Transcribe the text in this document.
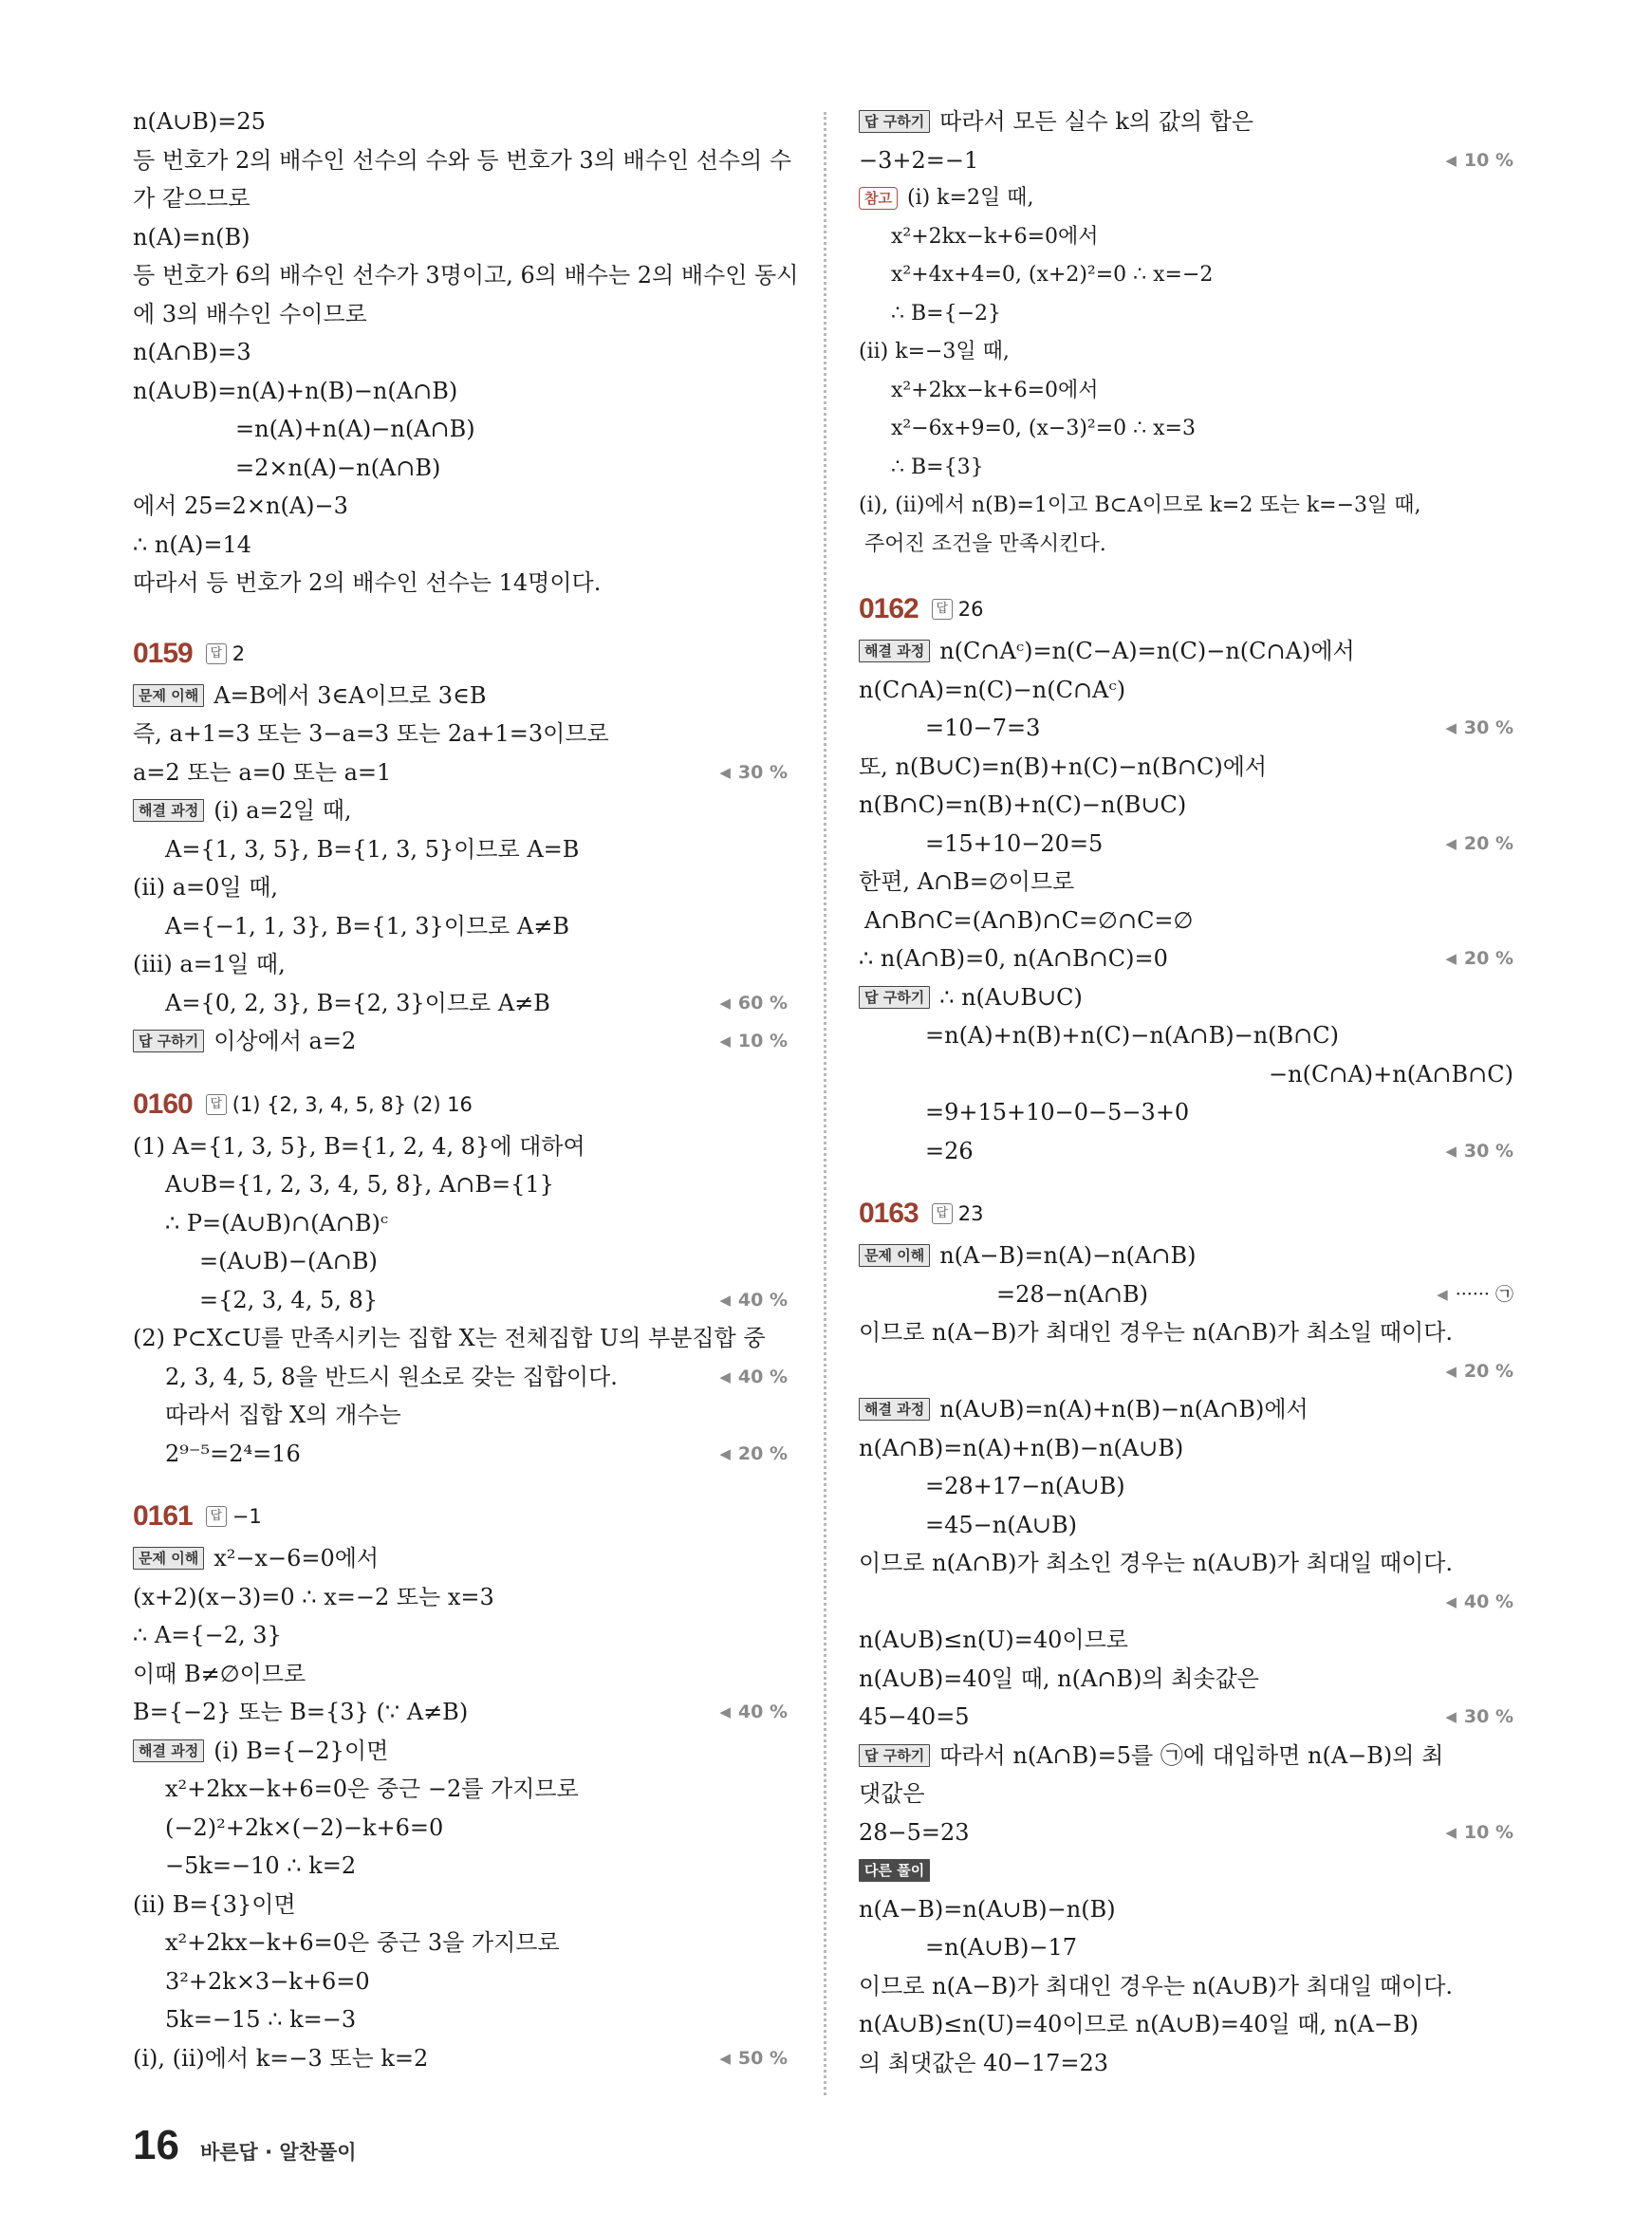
n(A∪B)=25
등 번호가 2의 배수인 선수의 수와 등 번호가 3의 배수인 선수의 수
가 같으므로
n(A)=n(B)
등 번호가 6의 배수인 선수가 3명이고, 6의 배수는 2의 배수인 동시
에 3의 배수인 수이므로
n(A∩B)=3
n(A∪B)=n(A)+n(B)−n(A∩B)
=n(A)+n(A)−n(A∩B)
=2×n(A)−n(A∩B)
에서 25=2×n(A)−3
∴ n(A)=14
따라서 등 번호가 2의 배수인 선수는 14명이다.
0159	답 2
문제 이해 A=B에서 3∈A이므로 3∈B
즉, a+1=3 또는 3−a=3 또는 2a+1=3이므로
a=2 또는 a=0 또는 a=1	◀ 30 %
해결 과정 (i) a=2일 때,
A={1, 3, 5}, B={1, 3, 5}이므로 A=B
(ii) a=0일 때,
A={−1, 1, 3}, B={1, 3}이므로 A≠B
(iii) a=1일 때,
A={0, 2, 3}, B={2, 3}이므로 A≠B	◀ 60 %
답 구하기 이상에서 a=2	◀ 10 %
0160	답 (1) {2, 3, 4, 5, 8} (2) 16
(1) A={1, 3, 5}, B={1, 2, 4, 8}에 대하여
A∪B={1, 2, 3, 4, 5, 8}, A∩B={1}
∴ P=(A∪B)∩(A∩B)ᶜ
=(A∪B)−(A∩B)
={2, 3, 4, 5, 8}	◀ 40 %
(2) P⊂X⊂U를 만족시키는 집합 X는 전체집합 U의 부분집합 중
2, 3, 4, 5, 8을 반드시 원소로 갖는 집합이다.	◀ 40 %
따라서 집합 X의 개수는
2⁹⁻⁵=2⁴=16	◀ 20 %
0161	답 −1
문제 이해 x²−x−6=0에서
(x+2)(x−3)=0 ∴ x=−2 또는 x=3
∴ A={−2, 3}
이때 B≠∅이므로
B={−2} 또는 B={3} (∵ A≠B)	◀ 40 %
해결 과정 (i) B={−2}이면
x²+2kx−k+6=0은 중근 −2를 가지므로
(−2)²+2k×(−2)−k+6=0
−5k=−10 ∴ k=2
(ii) B={3}이면
x²+2kx−k+6=0은 중근 3을 가지므로
3²+2k×3−k+6=0
5k=−15 ∴ k=−3
(i), (ii)에서 k=−3 또는 k=2	◀ 50 %
답 구하기 따라서 모든 실수 k의 값의 합은
−3+2=−1	◀ 10 %
참고 (i) k=2일 때,
x²+2kx−k+6=0에서
x²+4x+4=0, (x+2)²=0 ∴ x=−2
∴ B={−2}
(ii) k=−3일 때,
x²+2kx−k+6=0에서
x²−6x+9=0, (x−3)²=0 ∴ x=3
∴ B={3}
(i), (ii)에서 n(B)=1이고 B⊂A이므로 k=2 또는 k=−3일 때,
주어진 조건을 만족시킨다.
0162	답 26
해결 과정 n(C∩Aᶜ)=n(C−A)=n(C)−n(C∩A)에서
n(C∩A)=n(C)−n(C∩Aᶜ)
=10−7=3	◀ 30 %
또, n(B∪C)=n(B)+n(C)−n(B∩C)에서
n(B∩C)=n(B)+n(C)−n(B∪C)
=15+10−20=5	◀ 20 %
한편, A∩B=∅이므로
A∩B∩C=(A∩B)∩C=∅∩C=∅
∴ n(A∩B)=0, n(A∩B∩C)=0	◀ 20 %
답 구하기 ∴ n(A∪B∪C)
=n(A)+n(B)+n(C)−n(A∩B)−n(B∩C)
−n(C∩A)+n(A∩B∩C)
=9+15+10−0−5−3+0
=26	◀ 30 %
0163	답 23
문제 이해 n(A−B)=n(A)−n(A∩B)
=28−n(A∩B)	◀ ······ ㉠
이므로 n(A−B)가 최대인 경우는 n(A∩B)가 최소일 때이다.
◀ 20 %
해결 과정 n(A∪B)=n(A)+n(B)−n(A∩B)에서
n(A∩B)=n(A)+n(B)−n(A∪B)
=28+17−n(A∪B)
=45−n(A∪B)
이므로 n(A∩B)가 최소인 경우는 n(A∪B)가 최대일 때이다.
◀ 40 %
n(A∪B)≤n(U)=40이므로
n(A∪B)=40일 때, n(A∩B)의 최솟값은
45−40=5	◀ 30 %
답 구하기 따라서 n(A∩B)=5를 ㉠에 대입하면 n(A−B)의 최
댓값은
28−5=23	◀ 10 %
다른 풀이
n(A−B)=n(A∪B)−n(B)
=n(A∪B)−17
이므로 n(A−B)가 최대인 경우는 n(A∪B)가 최대일 때이다.
n(A∪B)≤n(U)=40이므로 n(A∪B)=40일 때, n(A−B)
의 최댓값은 40−17=23
16 바른답 · 알찬풀이
